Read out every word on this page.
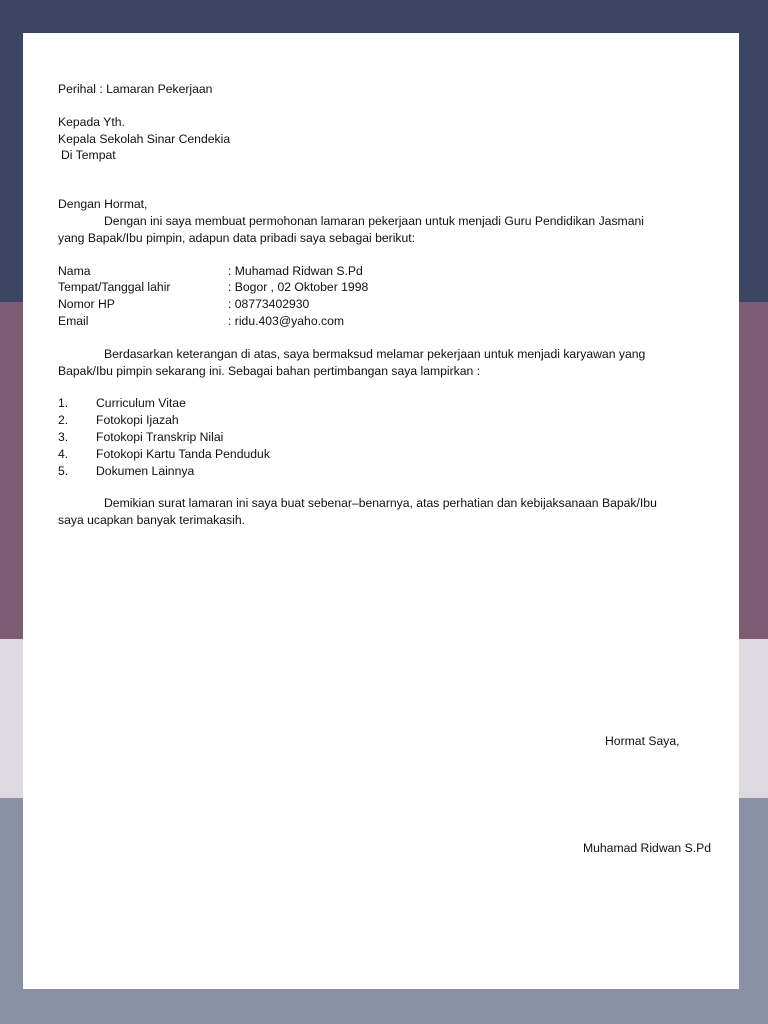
Perihal : Lamaran Pekerjaan
Kepada Yth.
Kepala Sekolah Sinar Cendekia
Di Tempat
Dengan Hormat,
Dengan ini saya membuat permohonan lamaran pekerjaan untuk menjadi Guru Pendidikan Jasmani
yang Bapak/Ibu pimpin, adapun data pribadi saya sebagai berikut:
Nama	: Muhamad Ridwan S.Pd
Tempat/Tanggal lahir	: Bogor , 02 Oktober 1998
Nomor HP	: 08773402930
Email	: ridu.403@yaho.com
Berdasarkan keterangan di atas, saya bermaksud melamar pekerjaan untuk menjadi karyawan yang
Bapak/Ibu pimpin sekarang ini. Sebagai bahan pertimbangan saya lampirkan :
1.	Curriculum Vitae
2.	Fotokopi Ijazah
3.	Fotokopi Transkrip Nilai
4.	Fotokopi Kartu Tanda Penduduk
5.	Dokumen Lainnya
Demikian surat lamaran ini saya buat sebenar–benarnya, atas perhatian dan kebijaksanaan Bapak/Ibu
saya ucapkan banyak terimakasih.
Hormat Saya,
Muhamad Ridwan S.Pd
